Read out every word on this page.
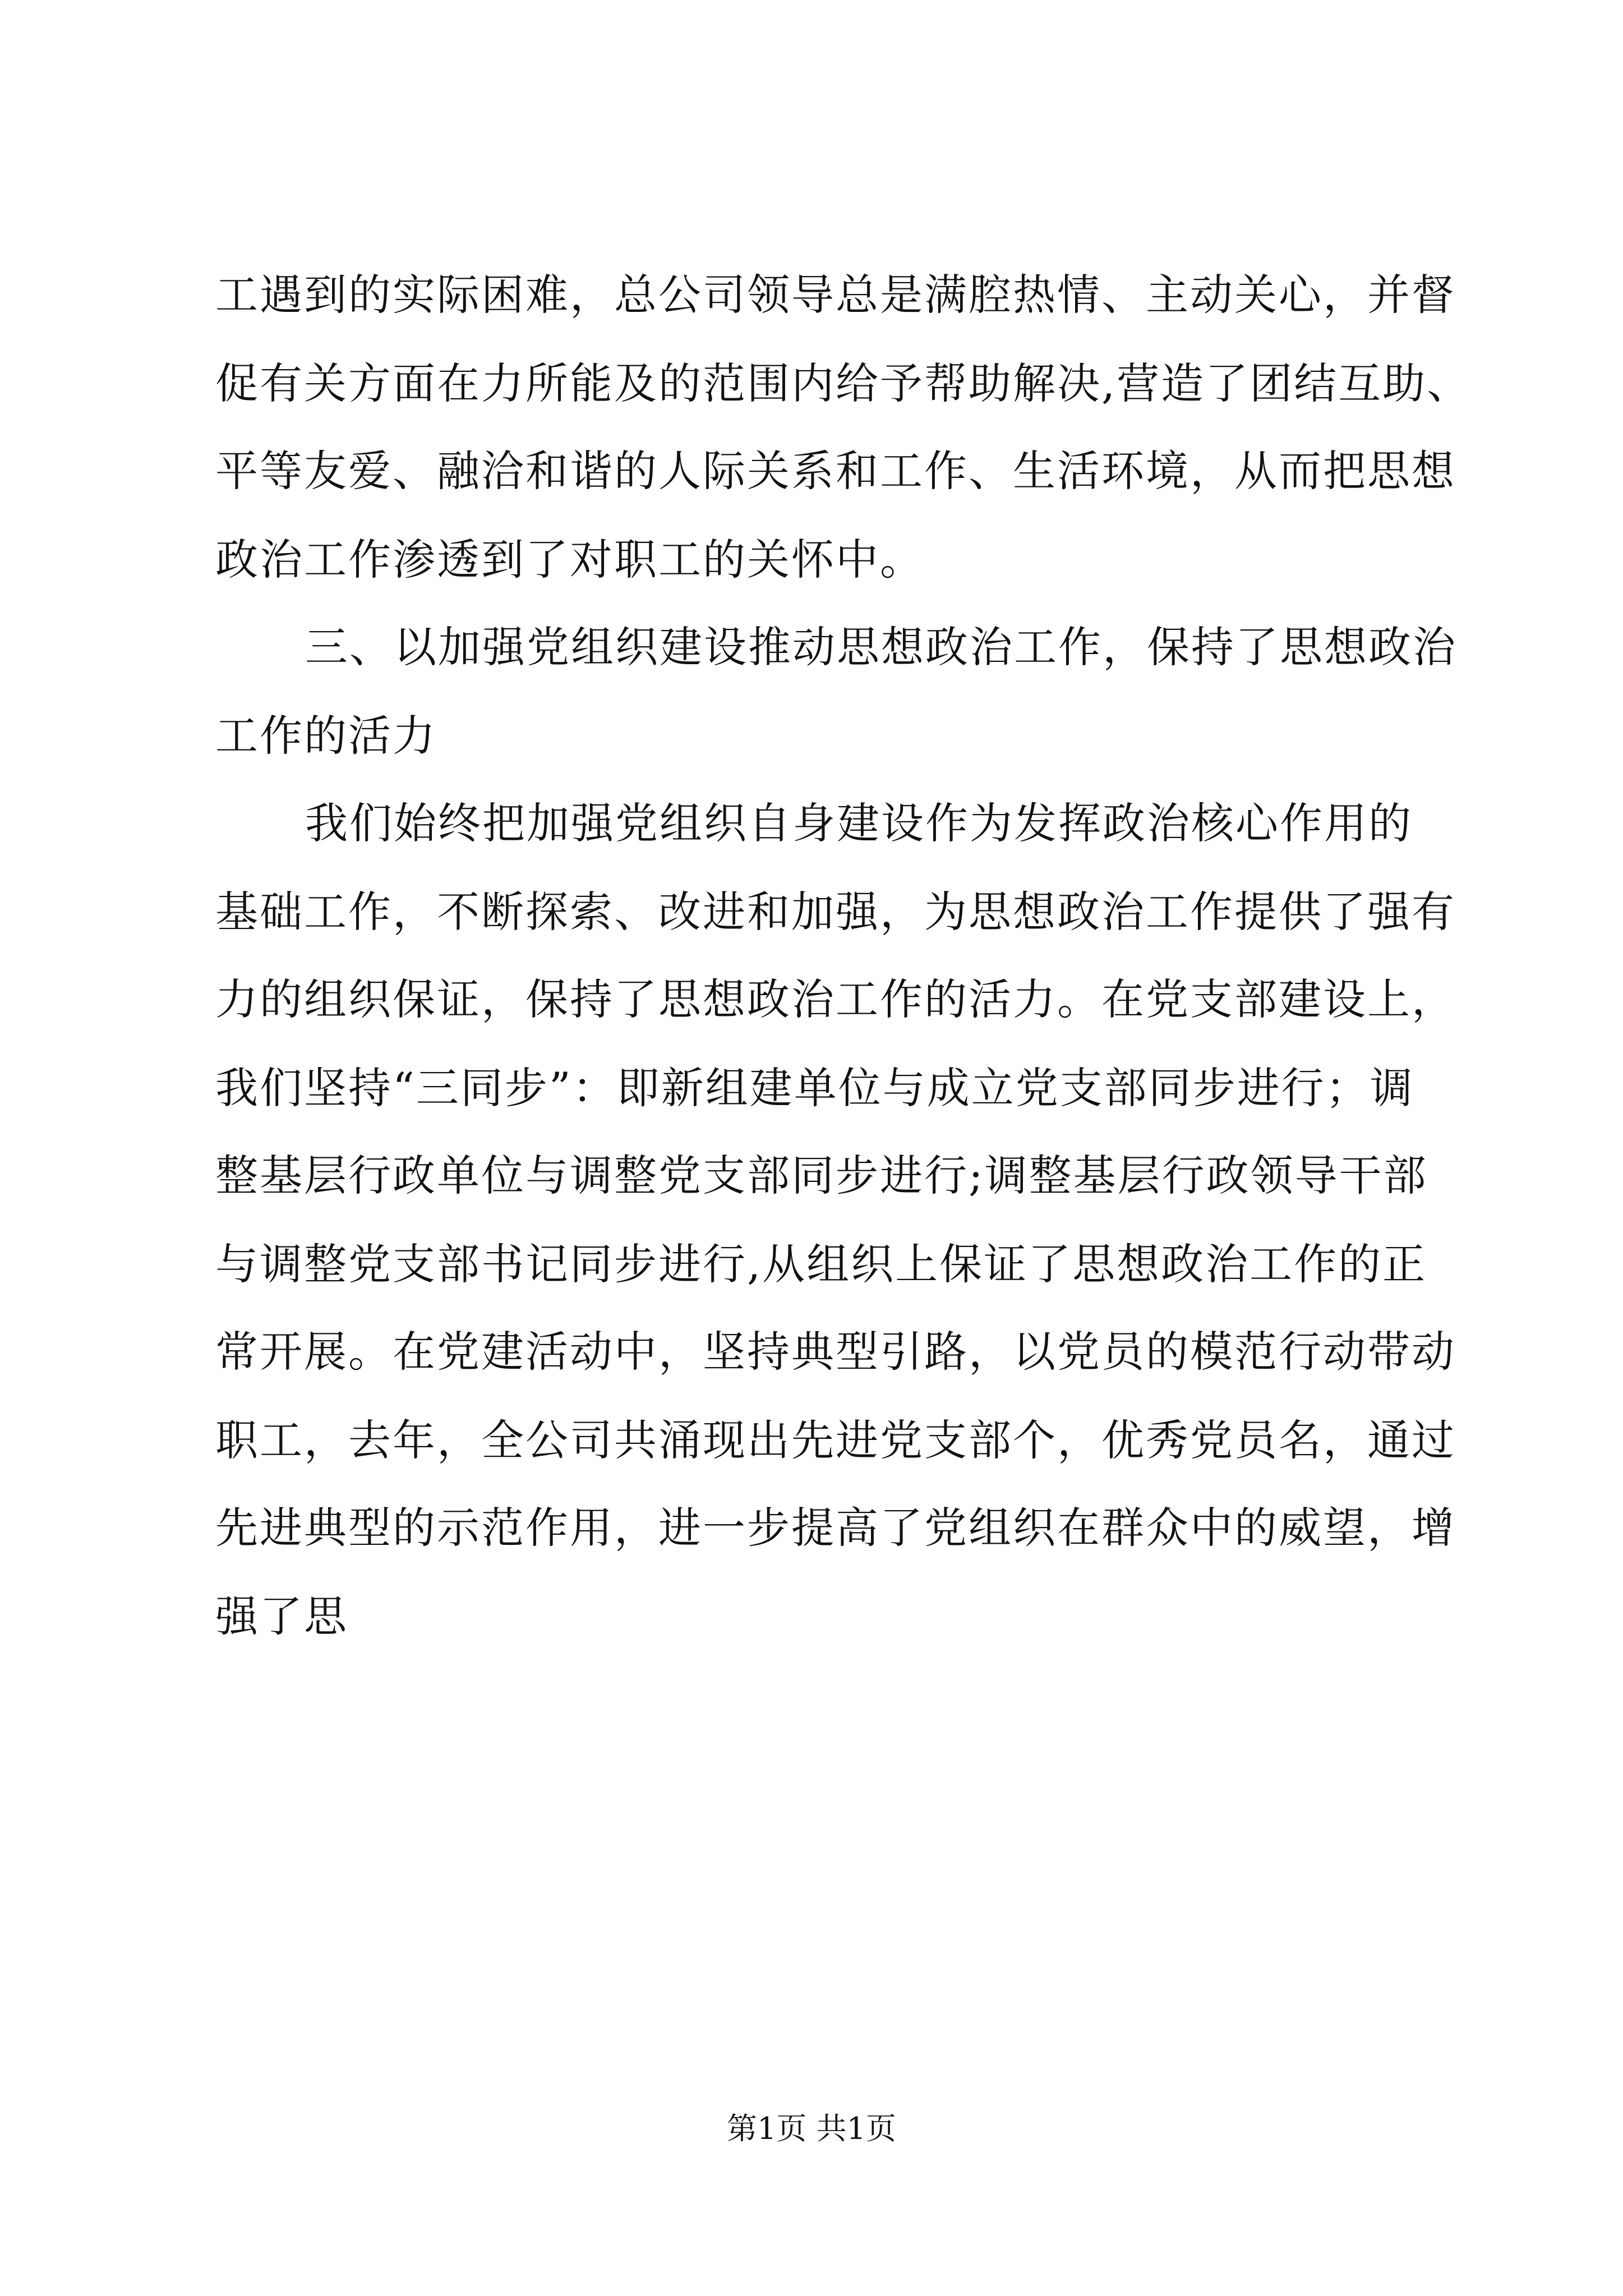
工遇到的实际困难，总公司领导总是满腔热情、主动关心，并督
促有关方面在力所能及的范围内给予帮助解决,营造了团结互助、
平等友爱、融洽和谐的人际关系和工作、生活环境，从而把思想
政治工作渗透到了对职工的关怀中。
三、以加强党组织建设推动思想政治工作，保持了思想政治
工作的活力
我们始终把加强党组织自身建设作为发挥政治核心作用的
基础工作，不断探索、改进和加强，为思想政治工作提供了强有
力的组织保证，保持了思想政治工作的活力。在党支部建设上，
我们坚持“三同步”：即新组建单位与成立党支部同步进行；调
整基层行政单位与调整党支部同步进行;调整基层行政领导干部
与调整党支部书记同步进行,从组织上保证了思想政治工作的正
常开展。在党建活动中，坚持典型引路，以党员的模范行动带动
职工，去年，全公司共涌现出先进党支部个，优秀党员名，通过
先进典型的示范作用，进一步提高了党组织在群众中的威望，增
强了思
第1页 共1页
